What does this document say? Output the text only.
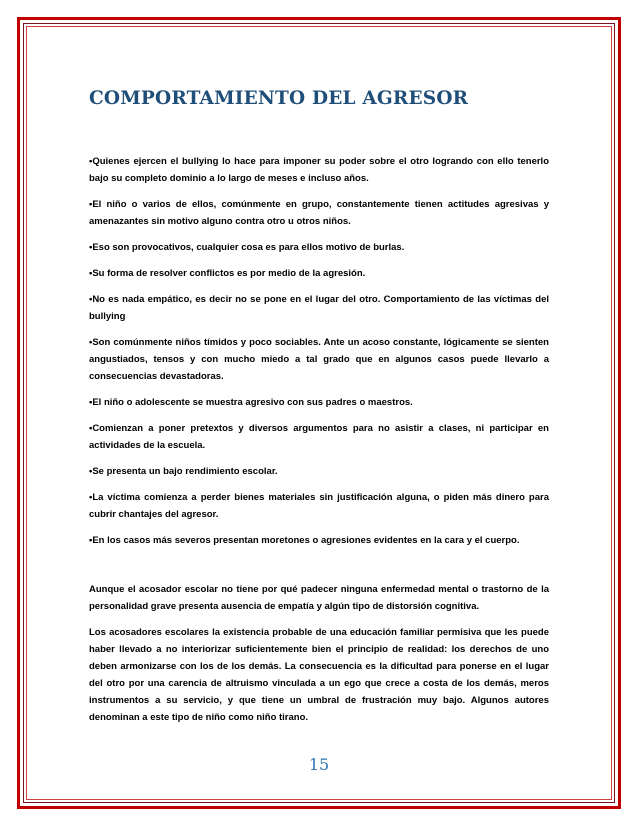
COMPORTAMIENTO DEL AGRESOR

•Quienes ejercen el bullying lo hace para imponer su poder sobre el otro logrando con ello tenerlo bajo su completo dominio a lo largo de meses e incluso años.

•El niño o varios de ellos, comúnmente en grupo, constantemente tienen actitudes agresivas y amenazantes sin motivo alguno contra otro u otros niños.

•Eso son provocativos, cualquier cosa es para ellos motivo de burlas.

•Su forma de resolver conflictos es por medio de la agresión.

•No es nada empático, es decir no se pone en el lugar del otro. Comportamiento de las víctimas del bullying

•Son comúnmente niños tímidos y poco sociables. Ante un acoso constante, lógicamente se sienten angustiados, tensos y con mucho miedo a tal grado que en algunos casos puede llevarlo a consecuencias devastadoras.

•El niño o adolescente se muestra agresivo con sus padres o maestros.

•Comienzan a poner pretextos y diversos argumentos para no asistir a clases, ni participar en actividades de la escuela.

•Se presenta un bajo rendimiento escolar.

•La víctima comienza a perder bienes materiales sin justificación alguna, o piden más dinero para cubrir chantajes del agresor.

•En los casos más severos presentan moretones o agresiones evidentes en la cara y el cuerpo.

Aunque el acosador escolar no tiene por qué padecer ninguna enfermedad mental o trastorno de la personalidad grave presenta ausencia de empatía y algún tipo de distorsión cognitiva.

Los acosadores escolares la existencia probable de una educación familiar permisiva que les puede haber llevado a no interiorizar suficientemente bien el principio de realidad: los derechos de uno deben armonizarse con los de los demás. La consecuencia es la dificultad para ponerse en el lugar del otro por una carencia de altruismo vinculada a un ego que crece a costa de los demás, meros instrumentos a su servicio, y que tiene un umbral de frustración muy bajo. Algunos autores denominan a este tipo de niño como niño tirano.

15
